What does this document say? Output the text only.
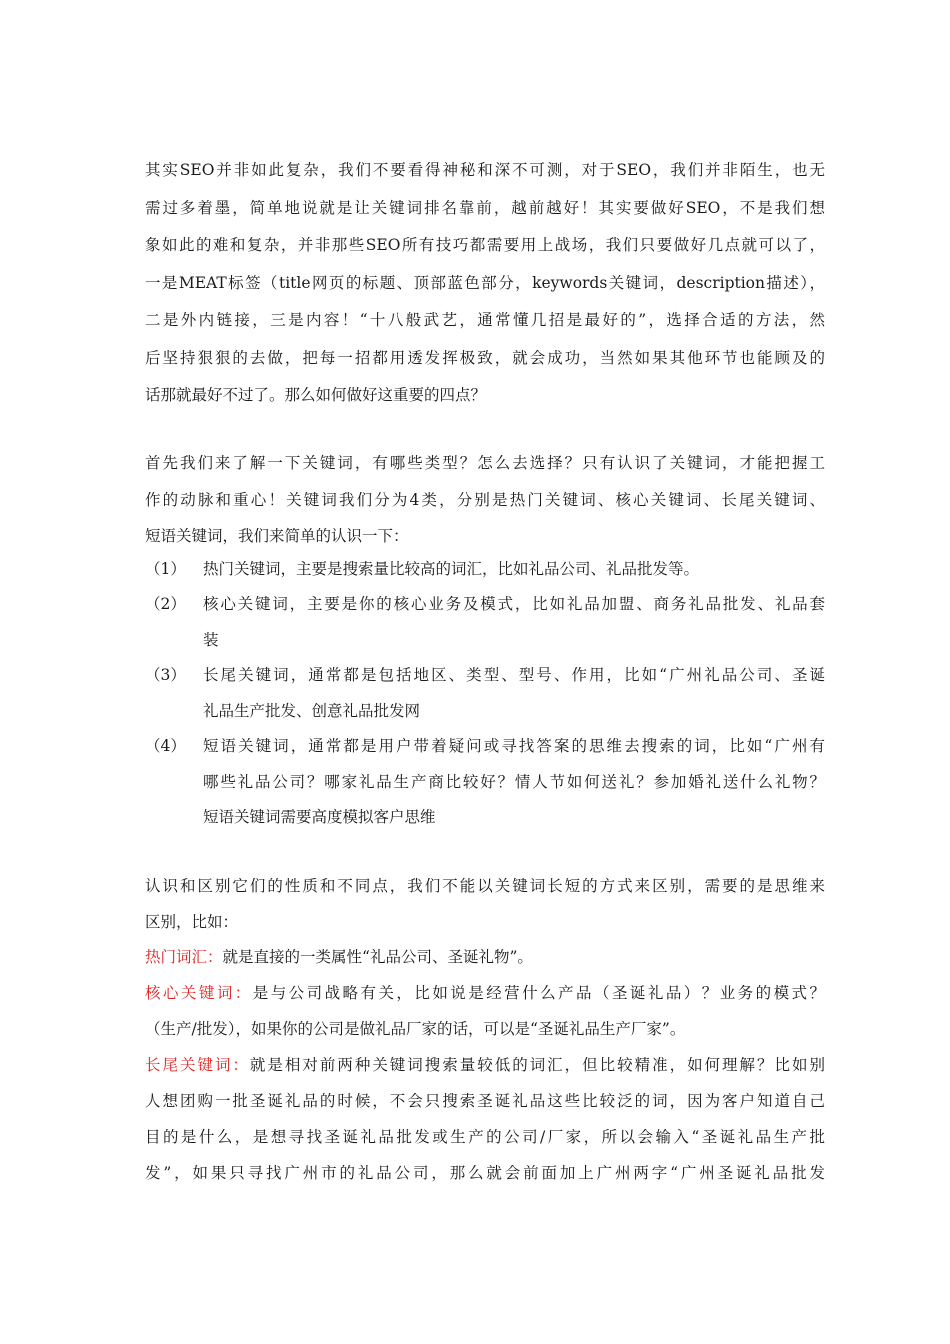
其实SEO并非如此复杂，我们不要看得神秘和深不可测，对于SEO，我们并非陌生，也无
需过多着墨，简单地说就是让关键词排名靠前，越前越好！其实要做好SEO，不是我们想
象如此的难和复杂，并非那些SEO所有技巧都需要用上战场，我们只要做好几点就可以了，
一是MEAT标签（title网页的标题、顶部蓝色部分，keywords关键词，description描述），
二是外内链接，三是内容！“十八般武艺，通常懂几招是最好的”，选择合适的方法，然
后坚持狠狠的去做，把每一招都用透发挥极致，就会成功，当然如果其他环节也能顾及的
话那就最好不过了。那么如何做好这重要的四点？
首先我们来了解一下关键词，有哪些类型？怎么去选择？只有认识了关键词，才能把握工
作的动脉和重心！关键词我们分为4类，分别是热门关键词、核心关键词、长尾关键词、
短语关键词，我们来简单的认识一下：
（1） 热门关键词，主要是搜索量比较高的词汇，比如礼品公司、礼品批发等。
（2） 核心关键词，主要是你的核心业务及模式，比如礼品加盟、商务礼品批发、礼品套
装
（3） 长尾关键词，通常都是包括地区、类型、型号、作用，比如“广州礼品公司、圣诞
礼品生产批发、创意礼品批发网
（4） 短语关键词，通常都是用户带着疑问或寻找答案的思维去搜索的词，比如“广州有
哪些礼品公司？哪家礼品生产商比较好？情人节如何送礼？参加婚礼送什么礼物？
短语关键词需要高度模拟客户思维
认识和区别它们的性质和不同点，我们不能以关键词长短的方式来区别，需要的是思维来
区别，比如：
热门词汇：就是直接的一类属性“礼品公司、圣诞礼物”。
核心关键词：是与公司战略有关，比如说是经营什么产品（圣诞礼品）？业务的模式？
（生产/批发），如果你的公司是做礼品厂家的话，可以是“圣诞礼品生产厂家”。
长尾关键词：就是相对前两种关键词搜索量较低的词汇，但比较精准，如何理解？比如别
人想团购一批圣诞礼品的时候，不会只搜索圣诞礼品这些比较泛的词，因为客户知道自己
目的是什么，是想寻找圣诞礼品批发或生产的公司/厂家，所以会输入“圣诞礼品生产批
发”，如果只寻找广州市的礼品公司，那么就会前面加上广州两字“广州圣诞礼品批发
